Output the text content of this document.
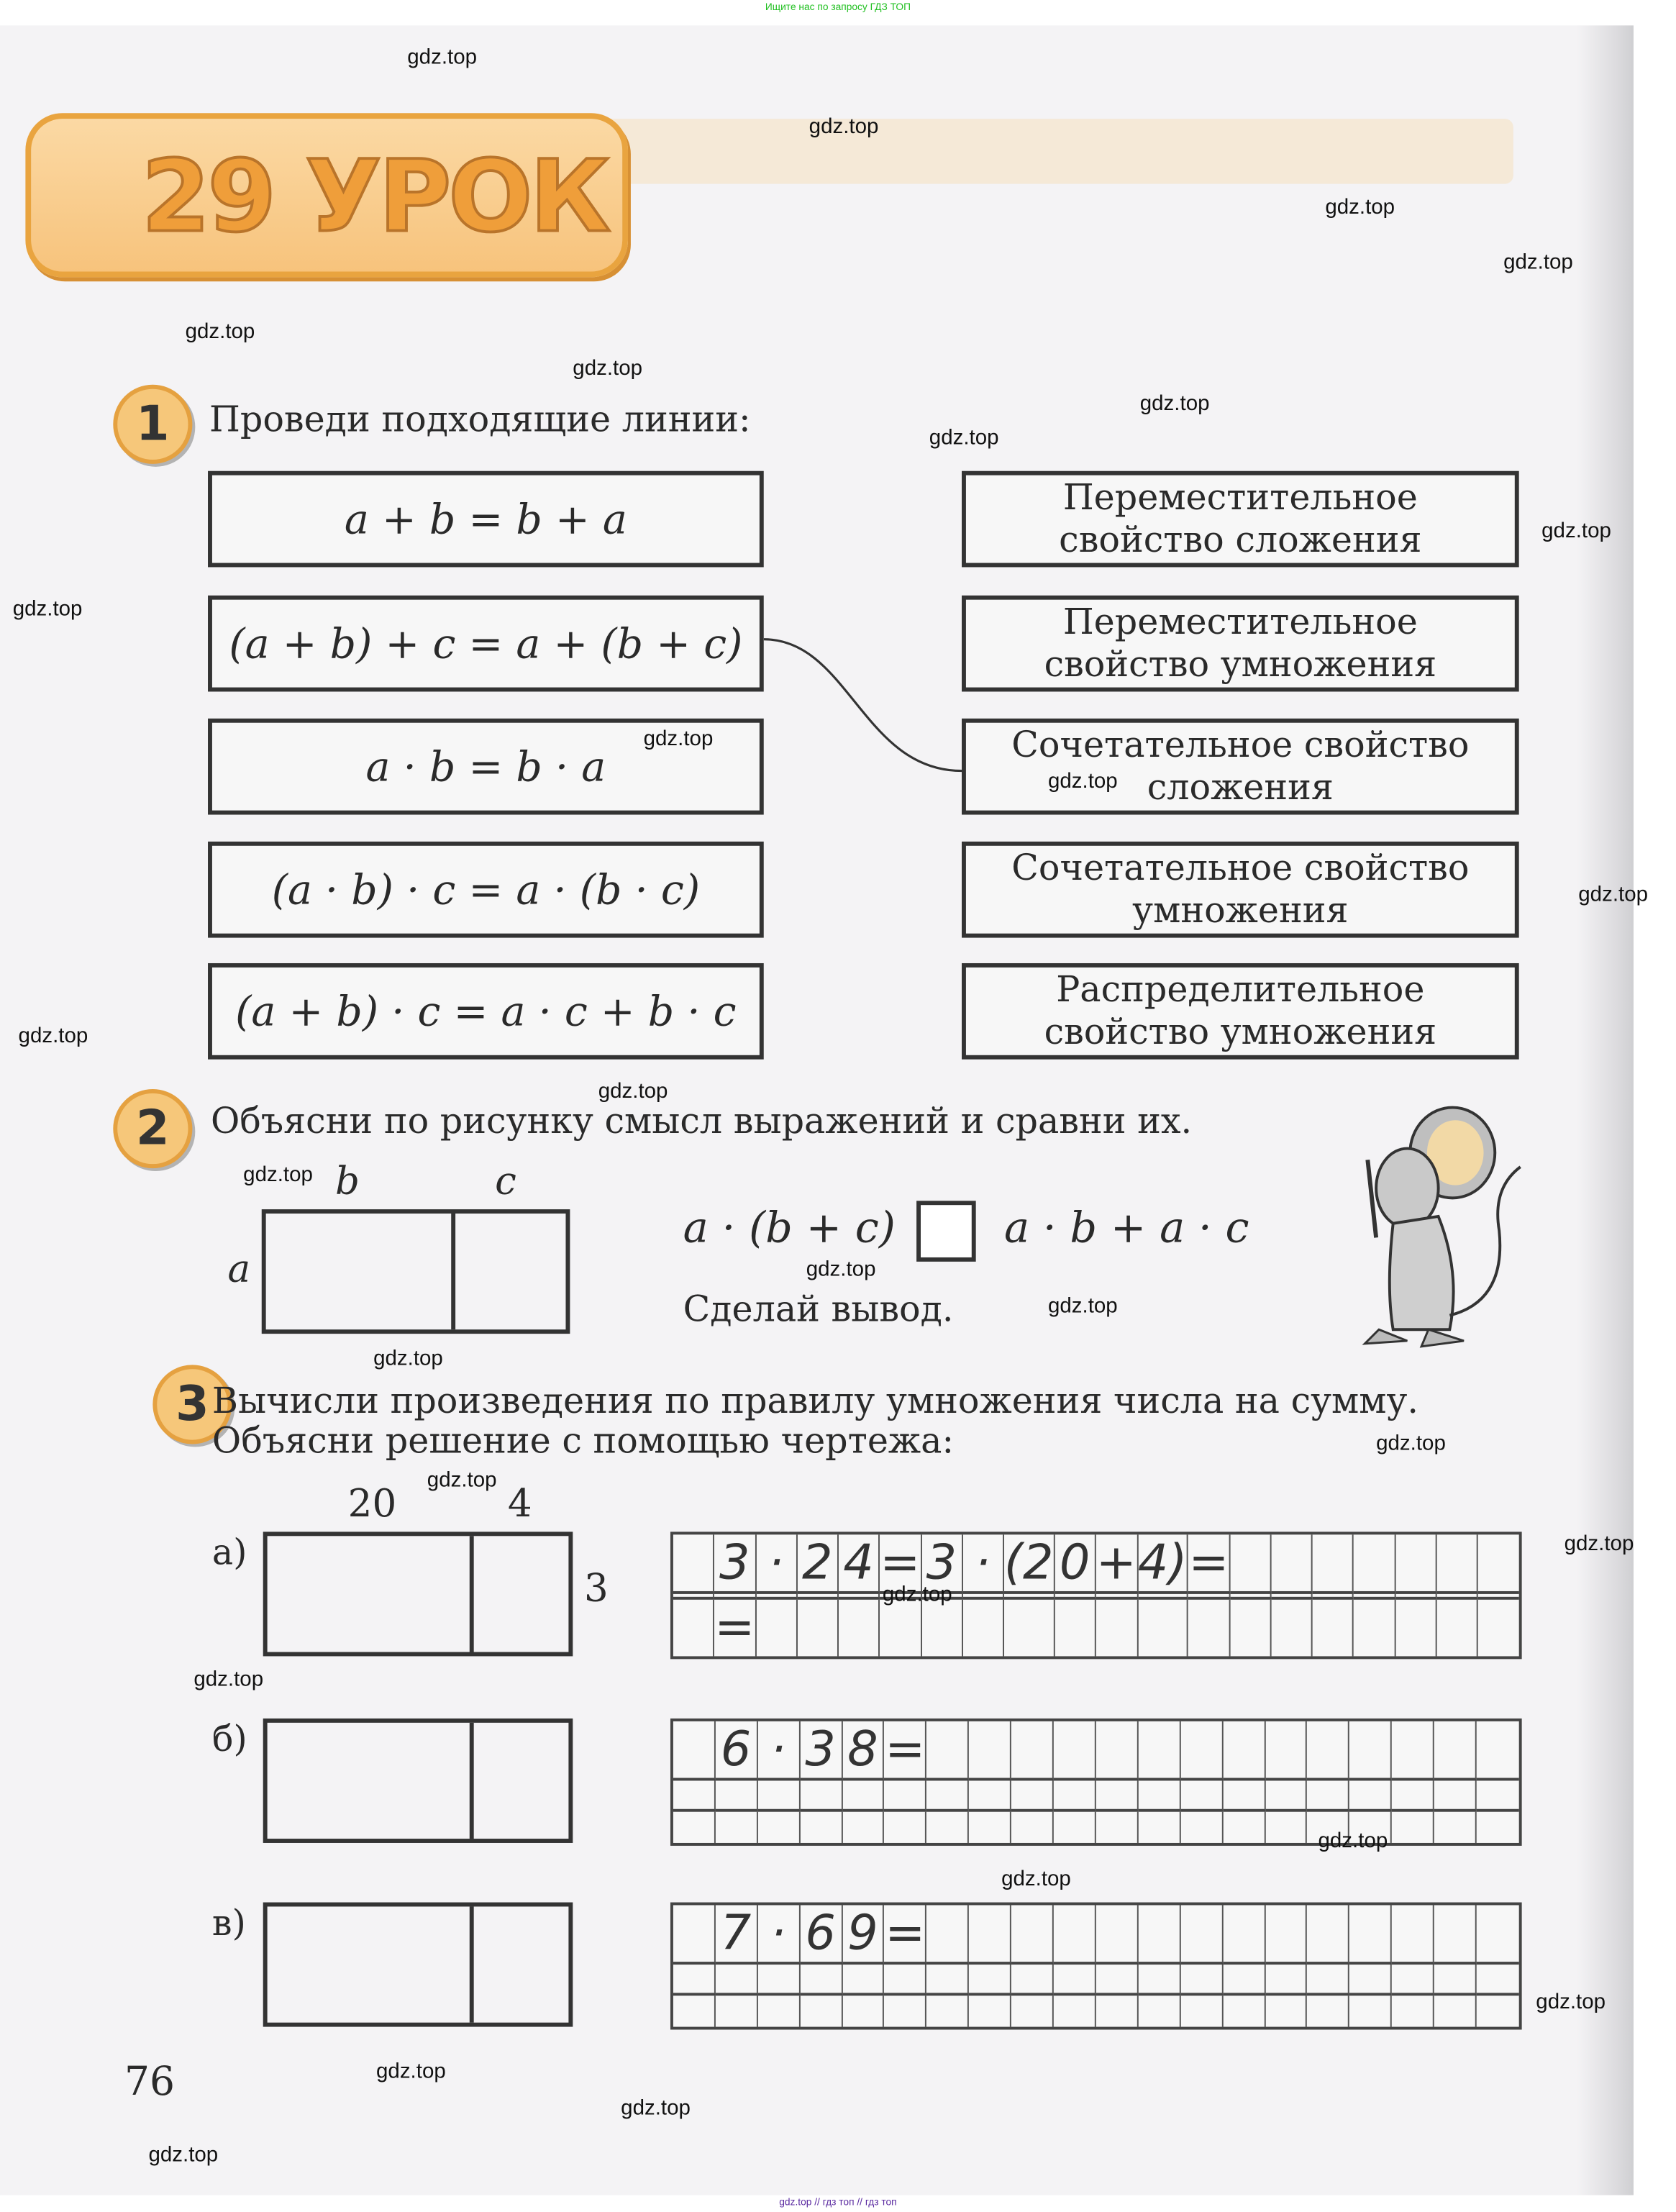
Ищите нас по запросу ГДЗ ТОП
29 УРОК
1	Проведи подходящие линии:
2	Объясни по рисунку смысл выражений и сравни их.
b	c
a
a · (b + c)	a · b + a · c
Сделай вывод.
3 Вычисли произведения по правилу умножения числа на сумму.
Объясни решение с помощью чертежа:
20	4
3
76
gdz.top // гдз топ // гдз топ
a + b = b + a	Переместительное свойство сложения
(a + b) + c = a + (b + c)	Переместительное свойство умножения
a · b = b · a	Сочетательное свойство сложения
(a · b) · c = a · (b · c)	Сочетательное свойство умножения
(a + b) · c = a · c + b · c	Распределительное свойство умножения
а)	3 · 2 4 = 3 · (2 0 + 4) =
=
б)	6 · 3 8 =
в)	7 · 6 9 =
gdz.top
gdz.top
gdz.top
gdz.top
gdz.top
gdz.top
gdz.top
gdz.top
gdz.top
gdz.top
gdz.top
gdz.top
gdz.top
gdz.top
gdz.top
gdz.top
gdz.top
gdz.top
gdz.top
gdz.top
gdz.top
gdz.top
gdz.top
gdz.top
gdz.top
gdz.top
gdz.top
gdz.top
gdz.top
gdz.top
